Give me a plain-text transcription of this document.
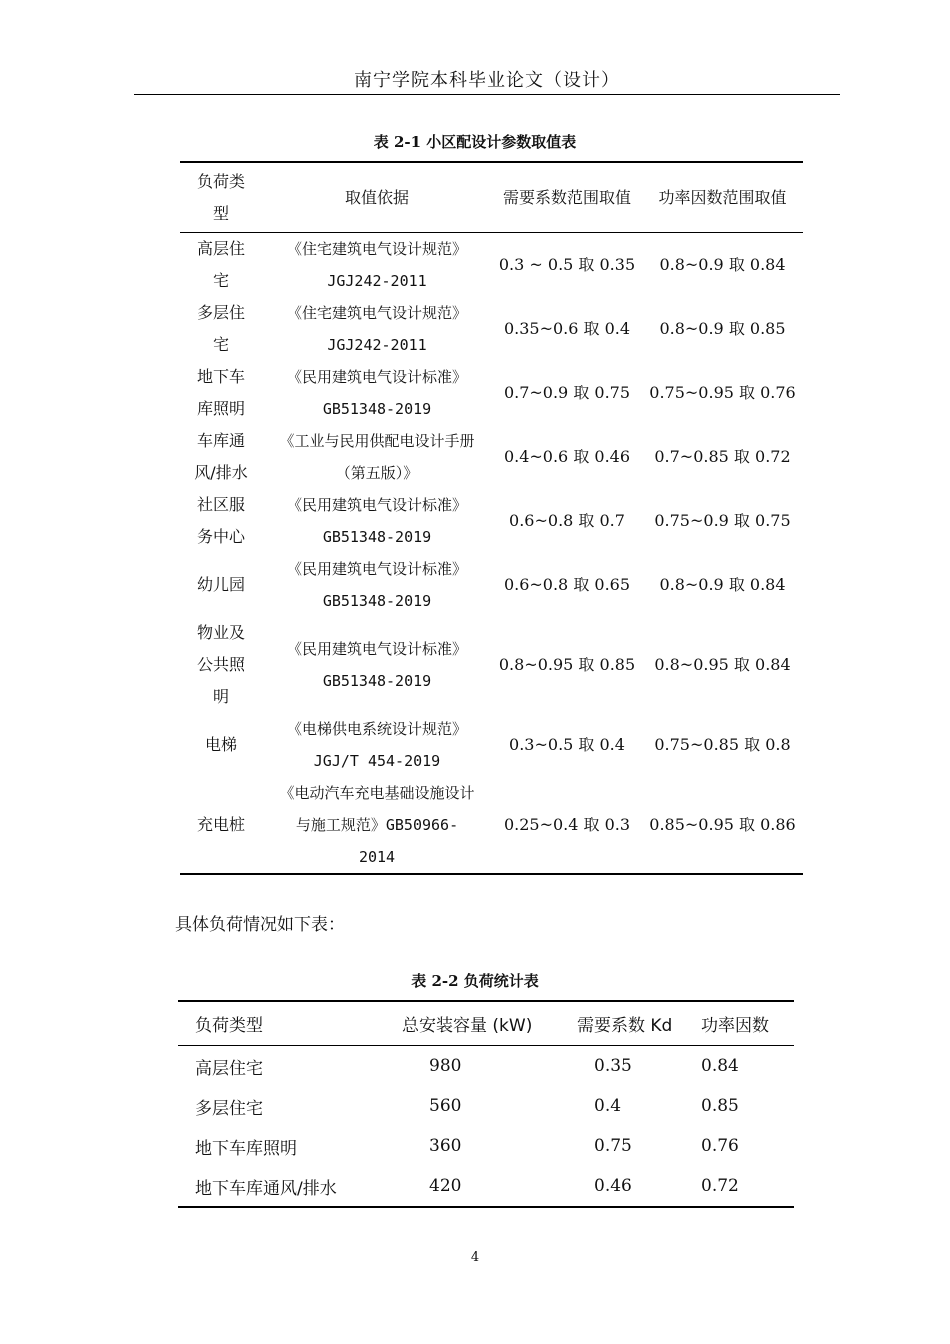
南宁学院本科毕业论文（设计）
表 2-1 小区配设计参数取值表
负荷类型	取值依据	需要系数范围取值	功率因数范围取值
高层住宅	《住宅建筑电气设计规范》JGJ242-2011	0.3 ~ 0.5 取 0.35	0.8~0.9 取 0.84
多层住宅	《住宅建筑电气设计规范》JGJ242-2011	0.35~0.6 取 0.4	0.8~0.9 取 0.85
地下车库照明	《民用建筑电气设计标准》GB51348-2019	0.7~0.9 取 0.75	0.75~0.95 取 0.76
车库通风/排水	《工业与民用供配电设计手册（第五版）》	0.4~0.6 取 0.46	0.7~0.85 取 0.72
社区服务中心	《民用建筑电气设计标准》GB51348-2019	0.6~0.8 取 0.7	0.75~0.9 取 0.75
幼儿园	《民用建筑电气设计标准》GB51348-2019	0.6~0.8 取 0.65	0.8~0.9 取 0.84
物业及公共照明	《民用建筑电气设计标准》GB51348-2019	0.8~0.95 取 0.85	0.8~0.95 取 0.84
电梯	《电梯供电系统设计规范》JGJ/T 454-2019	0.3~0.5 取 0.4	0.75~0.85 取 0.8
充电桩	《电动汽车充电基础设施设计与施工规范》GB50966-2014	0.25~0.4 取 0.3	0.85~0.95 取 0.86
具体负荷情况如下表：
表 2-2 负荷统计表
负荷类型	总安装容量 (kW)	需要系数 Kd	功率因数
高层住宅	980	0.35	0.84
多层住宅	560	0.4	0.85
地下车库照明	360	0.75	0.76
地下车库通风/排水	420	0.46	0.72
4
